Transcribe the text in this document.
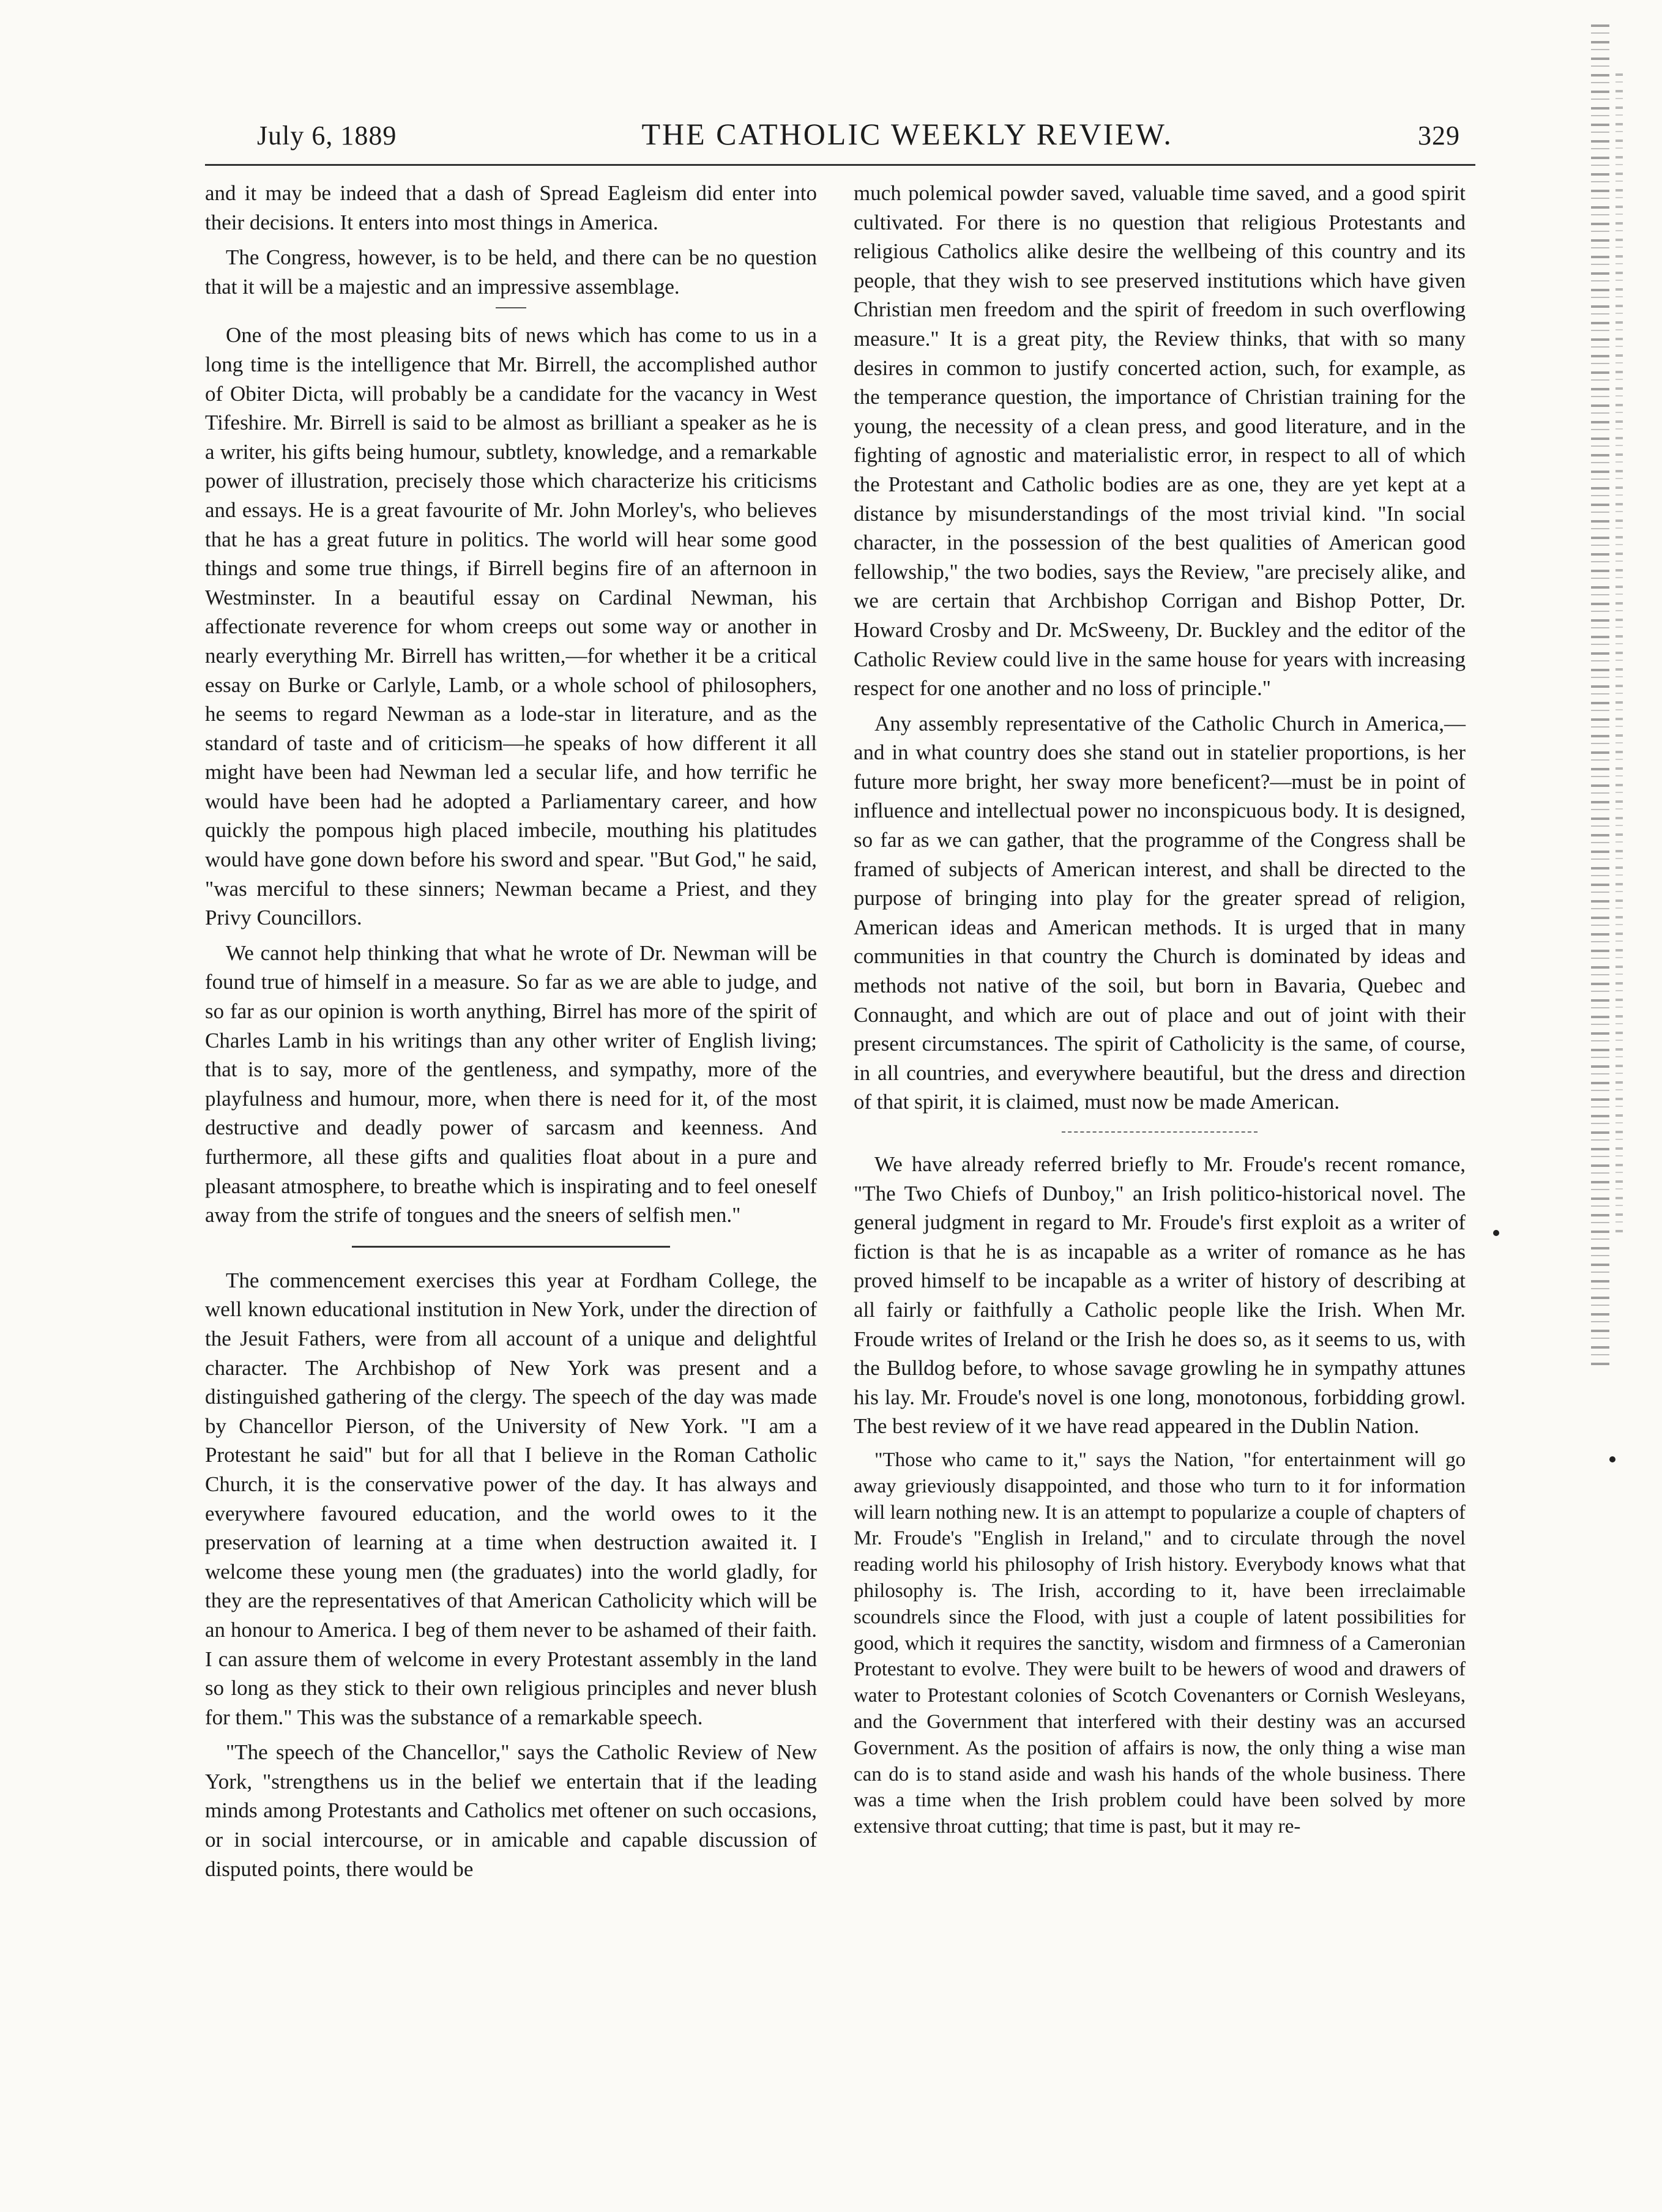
July 6, 1889	THE CATHOLIC WEEKLY REVIEW.	329

and it may be indeed that a dash of Spread Eagleism did enter into their decisions. It enters into most things in America.

The Congress, however, is to be held, and there can be no question that it will be a majestic and an impressive assemblage.

One of the most pleasing bits of news which has come to us in a long time is the intelligence that Mr. Birrell, the accomplished author of Obiter Dicta, will probably be a candidate for the vacancy in West Tifeshire. Mr. Birrell is said to be almost as brilliant a speaker as he is a writer, his gifts being humour, subtlety, knowledge, and a remarkable power of illustration, precisely those which characterize his criticisms and essays. He is a great favourite of Mr. John Morley's, who believes that he has a great future in politics. The world will hear some good things and some true things, if Birrell begins fire of an afternoon in Westminster. In a beautiful essay on Cardinal Newman, his affectionate reverence for whom creeps out some way or another in nearly everything Mr. Birrell has written,—for whether it be a critical essay on Burke or Carlyle, Lamb, or a whole school of philosophers, he seems to regard Newman as a lode-star in literature, and as the standard of taste and of criticism—he speaks of how different it all might have been had Newman led a secular life, and how terrific he would have been had he adopted a Parliamentary career, and how quickly the pompous high placed imbecile, mouthing his platitudes would have gone down before his sword and spear. "But God," he said, "was merciful to these sinners; Newman became a Priest, and they Privy Councillors.

We cannot help thinking that what he wrote of Dr. Newman will be found true of himself in a measure. So far as we are able to judge, and so far as our opinion is worth anything, Birrel has more of the spirit of Charles Lamb in his writings than any other writer of English living; that is to say, more of the gentleness, and sympathy, more of the playfulness and humour, more, when there is need for it, of the most destructive and deadly power of sarcasm and keenness. And furthermore, all these gifts and qualities float about in a pure and pleasant atmosphere, to breathe which is inspirating and to feel oneself away from the strife of tongues and the sneers of selfish men."

The commencement exercises this year at Fordham College, the well known educational institution in New York, under the direction of the Jesuit Fathers, were from all account of a unique and delightful character. The Archbishop of New York was present and a distinguished gathering of the clergy. The speech of the day was made by Chancellor Pierson, of the University of New York. "I am a Protestant he said" but for all that I believe in the Roman Catholic Church, it is the conservative power of the day. It has always and everywhere favoured education, and the world owes to it the preservation of learning at a time when destruction awaited it. I welcome these young men (the graduates) into the world gladly, for they are the representatives of that American Catholicity which will be an honour to America. I beg of them never to be ashamed of their faith. I can assure them of welcome in every Protestant assembly in the land so long as they stick to their own religious principles and never blush for them." This was the substance of a remarkable speech.

"The speech of the Chancellor," says the Catholic Review of New York, "strengthens us in the belief we entertain that if the leading minds among Protestants and Catholics met oftener on such occasions, or in social intercourse, or in amicable and capable discussion of disputed points, there would be

much polemical powder saved, valuable time saved, and a good spirit cultivated. For there is no question that religious Protestants and religious Catholics alike desire the wellbeing of this country and its people, that they wish to see preserved institutions which have given Christian men freedom and the spirit of freedom in such overflowing measure." It is a great pity, the Review thinks, that with so many desires in common to justify concerted action, such, for example, as the temperance question, the importance of Christian training for the young, the necessity of a clean press, and good literature, and in the fighting of agnostic and materialistic error, in respect to all of which the Protestant and Catholic bodies are as one, they are yet kept at a distance by misunderstandings of the most trivial kind. "In social character, in the possession of the best qualities of American good fellowship," the two bodies, says the Review, "are precisely alike, and we are certain that Archbishop Corrigan and Bishop Potter, Dr. Howard Crosby and Dr. McSweeny, Dr. Buckley and the editor of the Catholic Review could live in the same house for years with increasing respect for one another and no loss of principle."

Any assembly representative of the Catholic Church in America,—and in what country does she stand out in statelier proportions, is her future more bright, her sway more beneficent?—must be in point of influence and intellectual power no inconspicuous body. It is designed, so far as we can gather, that the programme of the Congress shall be framed of subjects of American interest, and shall be directed to the purpose of bringing into play for the greater spread of religion, American ideas and American methods. It is urged that in many communities in that country the Church is dominated by ideas and methods not native of the soil, but born in Bavaria, Quebec and Connaught, and which are out of place and out of joint with their present circumstances. The spirit of Catholicity is the same, of course, in all countries, and everywhere beautiful, but the dress and direction of that spirit, it is claimed, must now be made American.

We have already referred briefly to Mr. Froude's recent romance, "The Two Chiefs of Dunboy," an Irish politico-historical novel. The general judgment in regard to Mr. Froude's first exploit as a writer of fiction is that he is as incapable as a writer of romance as he has proved himself to be incapable as a writer of history of describing at all fairly or faithfully a Catholic people like the Irish. When Mr. Froude writes of Ireland or the Irish he does so, as it seems to us, with the Bulldog before, to whose savage growling he in sympathy attunes his lay. Mr. Froude's novel is one long, monotonous, forbidding growl. The best review of it we have read appeared in the Dublin Nation.

"Those who came to it," says the Nation, "for entertainment will go away grieviously disappointed, and those who turn to it for information will learn nothing new. It is an attempt to popularize a couple of chapters of Mr. Froude's "English in Ireland," and to circulate through the novel reading world his philosophy of Irish history. Everybody knows what that philosophy is. The Irish, according to it, have been irreclaimable scoundrels since the Flood, with just a couple of latent possibilities for good, which it requires the sanctity, wisdom and firmness of a Cameronian Protestant to evolve. They were built to be hewers of wood and drawers of water to Protestant colonies of Scotch Covenanters or Cornish Wesleyans, and the Government that interfered with their destiny was an accursed Government. As the position of affairs is now, the only thing a wise man can do is to stand aside and wash his hands of the whole business. There was a time when the Irish problem could have been solved by more extensive throat cutting; that time is past, but it may re-
